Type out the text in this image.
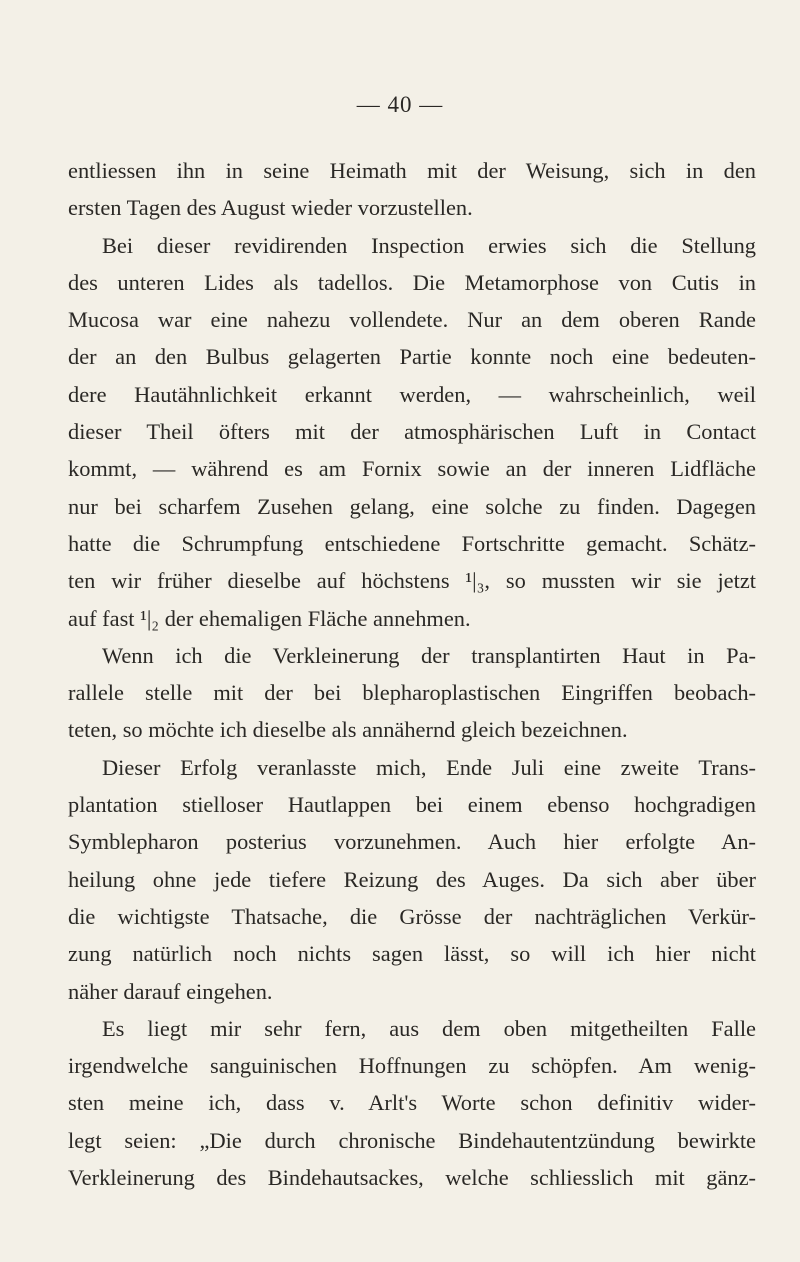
— 40 —
entliessen ihn in seine Heimath mit der Weisung, sich in den
ersten Tagen des August wieder vorzustellen.
Bei dieser revidirenden Inspection erwies sich die Stellung
des unteren Lides als tadellos. Die Metamorphose von Cutis in
Mucosa war eine nahezu vollendete. Nur an dem oberen Rande
der an den Bulbus gelagerten Partie konnte noch eine bedeuten-
dere Hautähnlichkeit erkannt werden, — wahrscheinlich, weil
dieser Theil öfters mit der atmosphärischen Luft in Contact
kommt, — während es am Fornix sowie an der inneren Lidfläche
nur bei scharfem Zusehen gelang, eine solche zu finden. Dagegen
hatte die Schrumpfung entschiedene Fortschritte gemacht. Schätz-
ten wir früher dieselbe auf höchstens ¹|₃, so mussten wir sie jetzt
auf fast ¹|₂ der ehemaligen Fläche annehmen.
Wenn ich die Verkleinerung der transplantirten Haut in Pa-
rallele stelle mit der bei blepharoplastischen Eingriffen beobach-
teten, so möchte ich dieselbe als annähernd gleich bezeichnen.
Dieser Erfolg veranlasste mich, Ende Juli eine zweite Trans-
plantation stielloser Hautlappen bei einem ebenso hochgradigen
Symblepharon posterius vorzunehmen. Auch hier erfolgte An-
heilung ohne jede tiefere Reizung des Auges. Da sich aber über
die wichtigste Thatsache, die Grösse der nachträglichen Verkür-
zung natürlich noch nichts sagen lässt, so will ich hier nicht
näher darauf eingehen.
Es liegt mir sehr fern, aus dem oben mitgetheilten Falle
irgendwelche sanguinischen Hoffnungen zu schöpfen. Am wenig-
sten meine ich, dass v. Arlt's Worte schon definitiv wider-
legt seien: „Die durch chronische Bindehautentzündung bewirkte
Verkleinerung des Bindehautsackes, welche schliesslich mit gänz-
